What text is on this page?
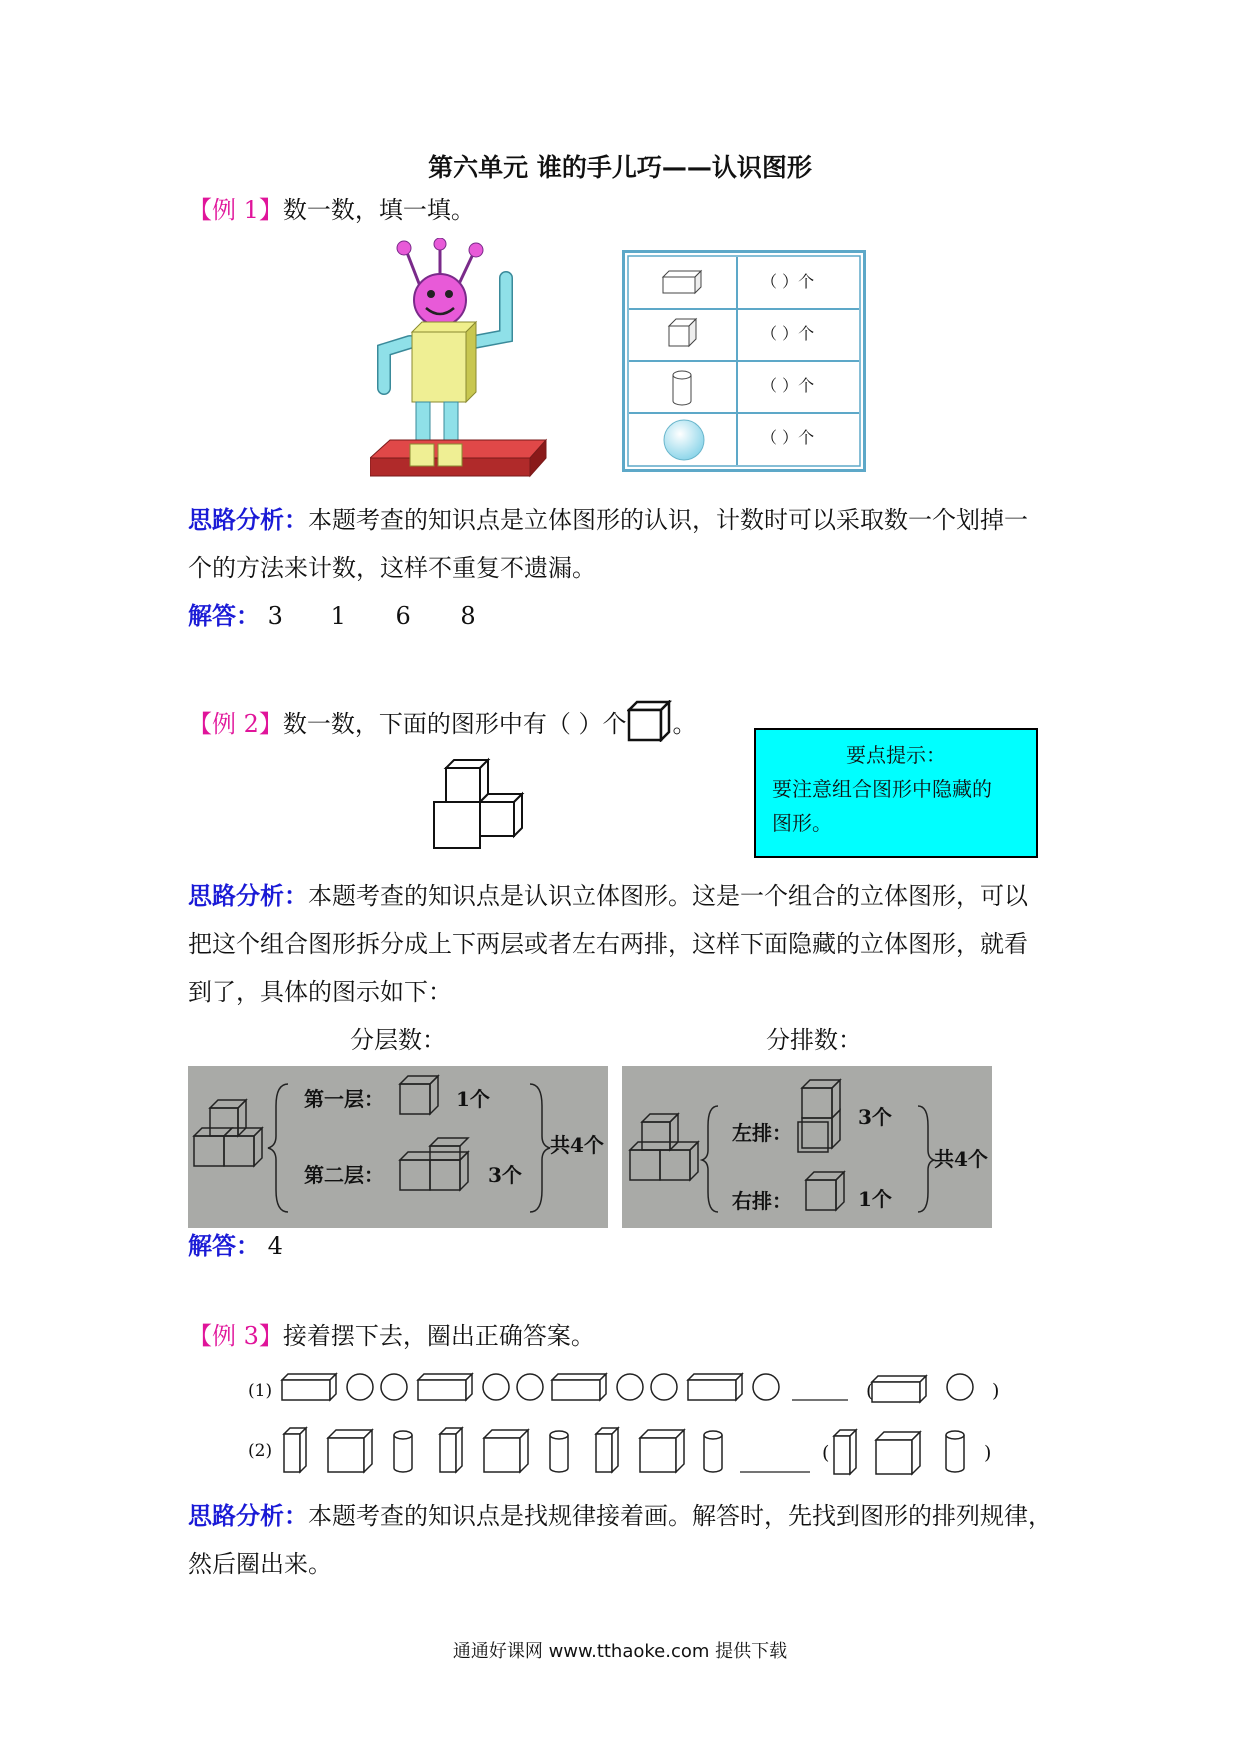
第六单元 谁的手儿巧——认识图形
【例 1】数一数，填一填。
（ ）个
（ ）个
（ ）个
（ ）个
思路分析：本题考查的知识点是立体图形的认识，计数时可以采取数一个划掉一
个的方法来计数，这样不重复不遗漏。
解答： 3 1 6 8
【例 2】数一数，下面的图形中有（ ）个 。
要点提示：
要注意组合图形中隐藏的
图形。
思路分析：本题考查的知识点是认识立体图形。这是一个组合的立体图形，可以
把这个组合图形拆分成上下两层或者左右两排，这样下面隐藏的立体图形，就看
到了，具体的图示如下：
分层数：	分排数：
第一层：	1个
第二层：	3个
共4个	左排：
3个
右排：	1个
共4个
解答： 4
【例 3】接着摆下去，圈出正确答案。
(1)	(	)
(2)	(	)
思路分析：本题考查的知识点是找规律接着画。解答时，先找到图形的排列规律，
然后圈出来。
通通好课网 www.tthaoke.com 提供下载
